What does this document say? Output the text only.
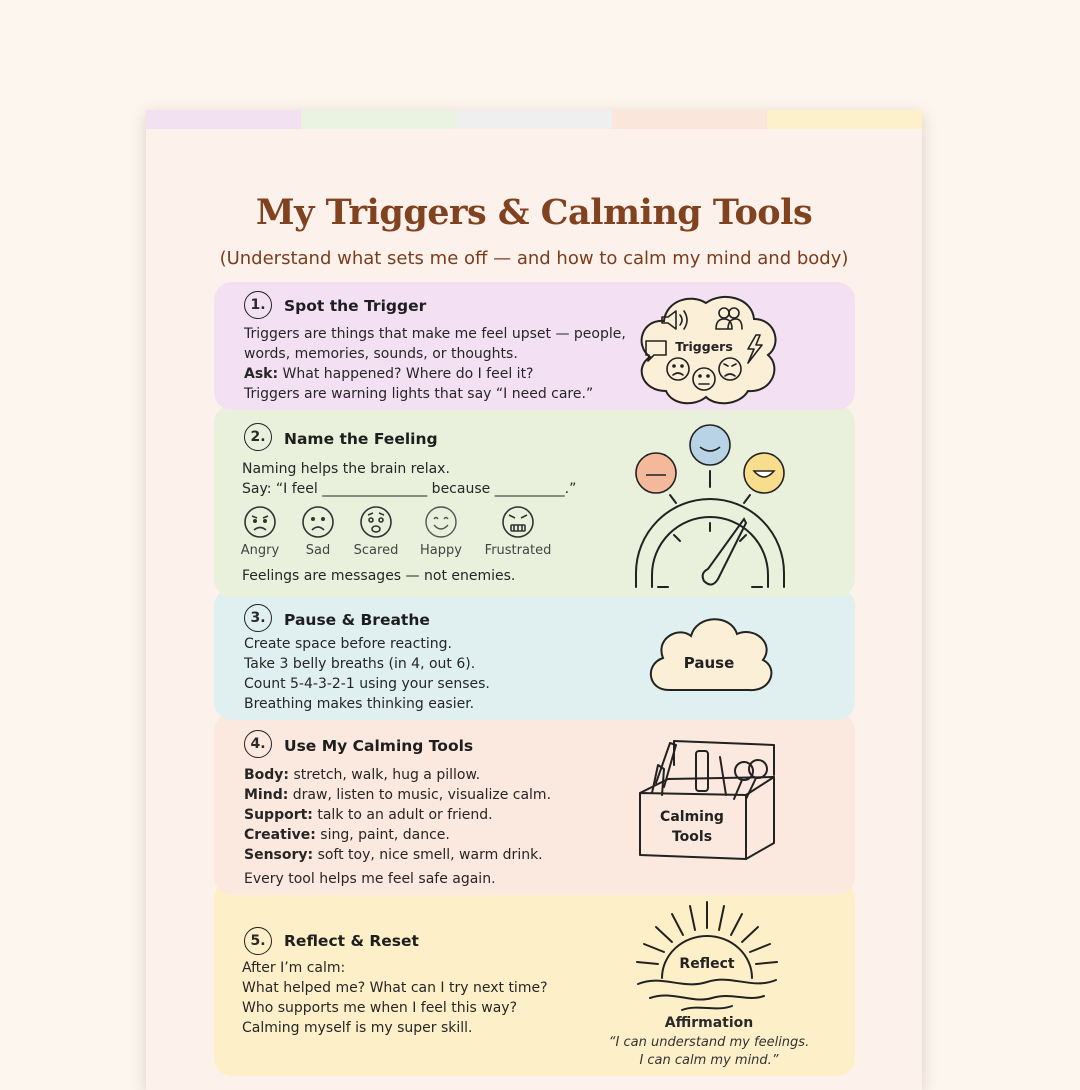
My Triggers & Calming Tools
(Understand what sets me off — and how to calm my mind and body)
5.	Reflect & Reset
After I’m calm:
What helped me? What can I try next time?
Who supports me when I feel this way?
Calming myself is my super skill.
Reflect
Affirmation
“I can understand my feelings.
I can calm my mind.”
4.	Use My Calming Tools
Body: stretch, walk, hug a pillow.
Mind: draw, listen to music, visualize calm.
Support: talk to an adult or friend.
Creative: sing, paint, dance.
Sensory: soft toy, nice smell, warm drink.
Every tool helps me feel safe again.
Calming
Tools
3.	Pause & Breathe
Create space before reacting.
Take 3 belly breaths (in 4, out 6).
Count 5-4-3-2-1 using your senses.
Breathing makes thinking easier.
Pause
2.	Name the Feeling
Naming helps the brain relax.
Say: “I feel _______________ because __________.”
Angry	Sad	Scared Happy	Frustrated
Feelings are messages — not enemies.
1.	Spot the Trigger
Triggers are things that make me feel upset — people,
words, memories, sounds, or thoughts.
Ask: What happened? Where do I feel it?
Triggers are warning lights that say “I need care.”
Triggers
